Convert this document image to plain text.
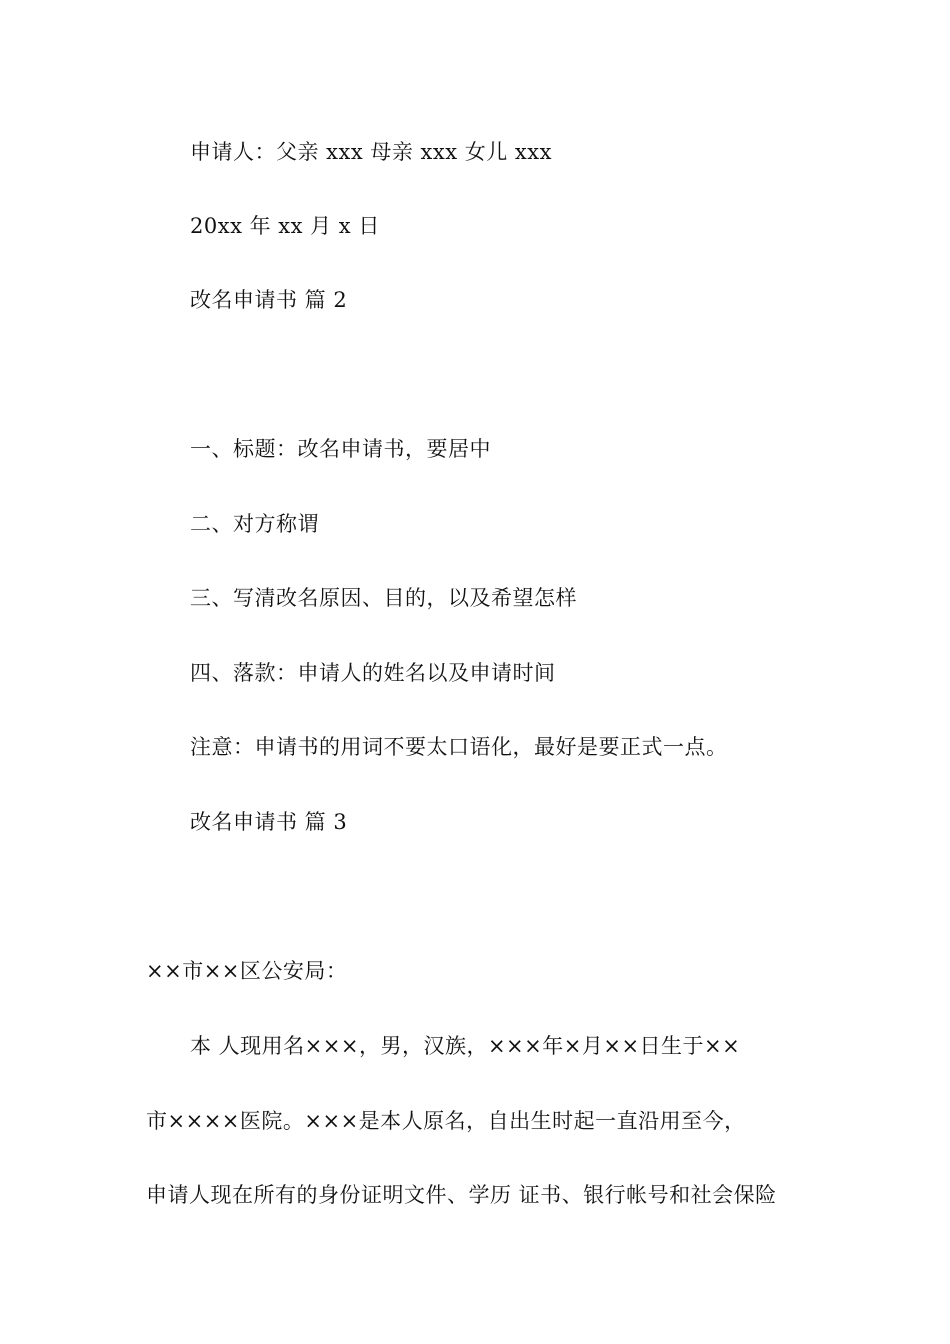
申请人：父亲 xxx 母亲 xxx 女儿 xxx
20xx 年 xx 月 x 日
改名申请书 篇 2
一、标题：改名申请书，要居中
二、对方称谓
三、写清改名原因、目的，以及希望怎样
四、落款：申请人的姓名以及申请时间
注意：申请书的用词不要太口语化，最好是要正式一点。
改名申请书 篇 3
××市××区公安局：
本 人现用名×××，男，汉族，×××年×月××日生于××
市××××医院。×××是本人原名，自出生时起一直沿用至今，
申请人现在所有的身份证明文件、学历 证书、银行帐号和社会保险
